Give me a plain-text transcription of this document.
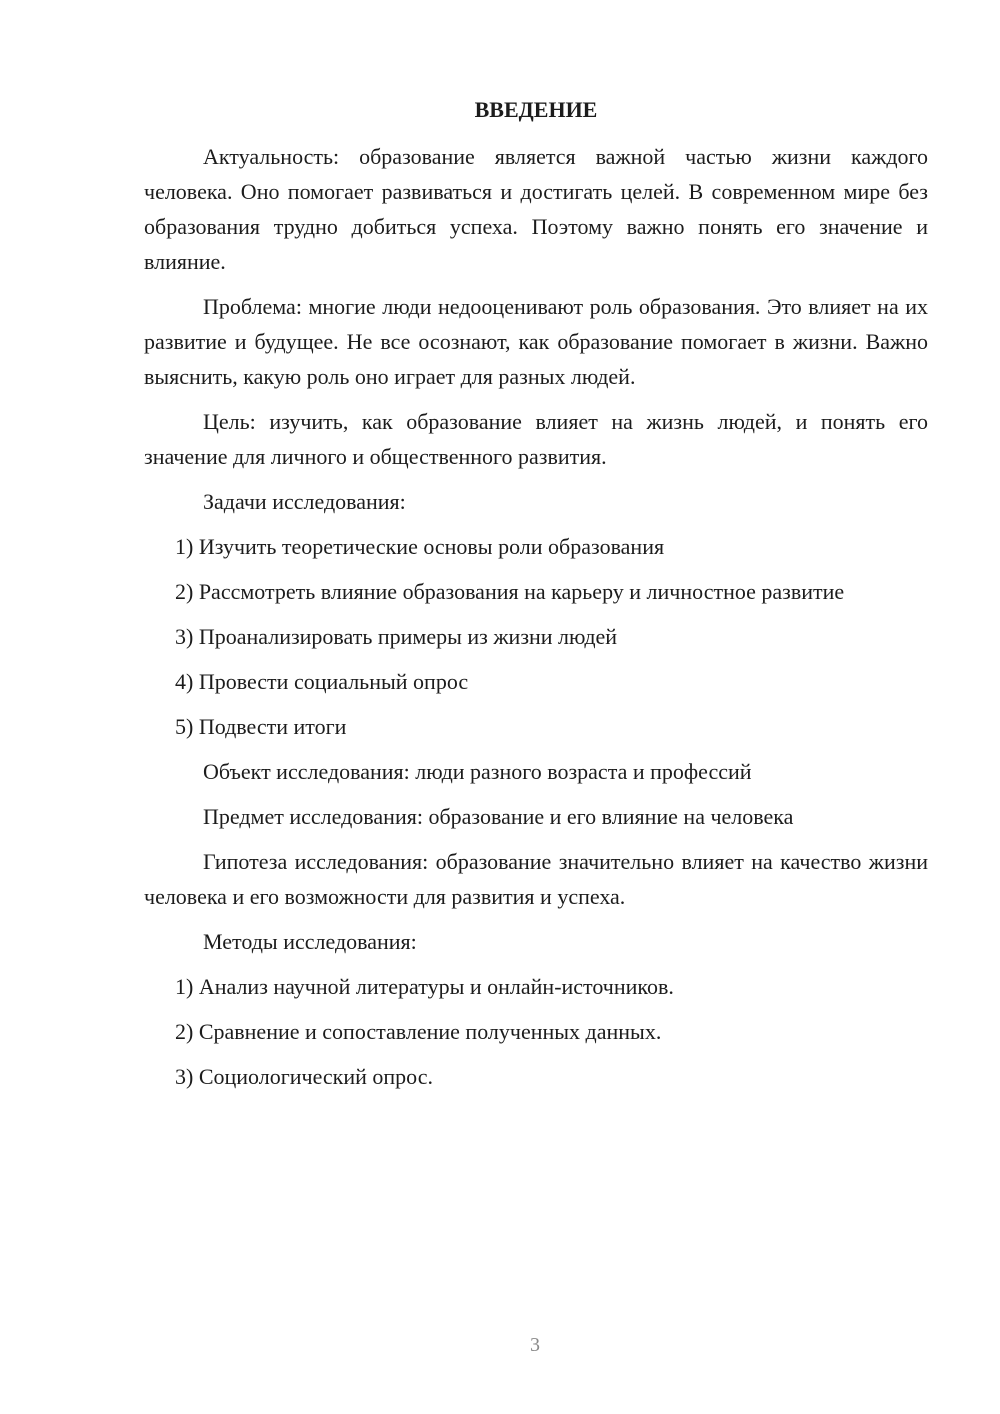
ВВЕДЕНИЕ

Актуальность: образование является важной частью жизни каждого человека. Оно помогает развиваться и достигать целей. В современном мире без образования трудно добиться успеха. Поэтому важно понять его значение и влияние.

Проблема: многие люди недооценивают роль образования. Это влияет на их развитие и будущее. Не все осознают, как образование помогает в жизни. Важно выяснить, какую роль оно играет для разных людей.

Цель: изучить, как образование влияет на жизнь людей, и понять его значение для личного и общественного развития.

Задачи исследования:

1) Изучить теоретические основы роли образования

2) Рассмотреть влияние образования на карьеру и личностное развитие

3) Проанализировать примеры из жизни людей

4) Провести социальный опрос

5) Подвести итоги

Объект исследования: люди разного возраста и профессий

Предмет исследования: образование и его влияние на человека

Гипотеза исследования: образование значительно влияет на качество жизни человека и его возможности для развития и успеха.

Методы исследования:

1) Анализ научной литературы и онлайн-источников.

2) Сравнение и сопоставление полученных данных.

3) Социологический опрос.

3
